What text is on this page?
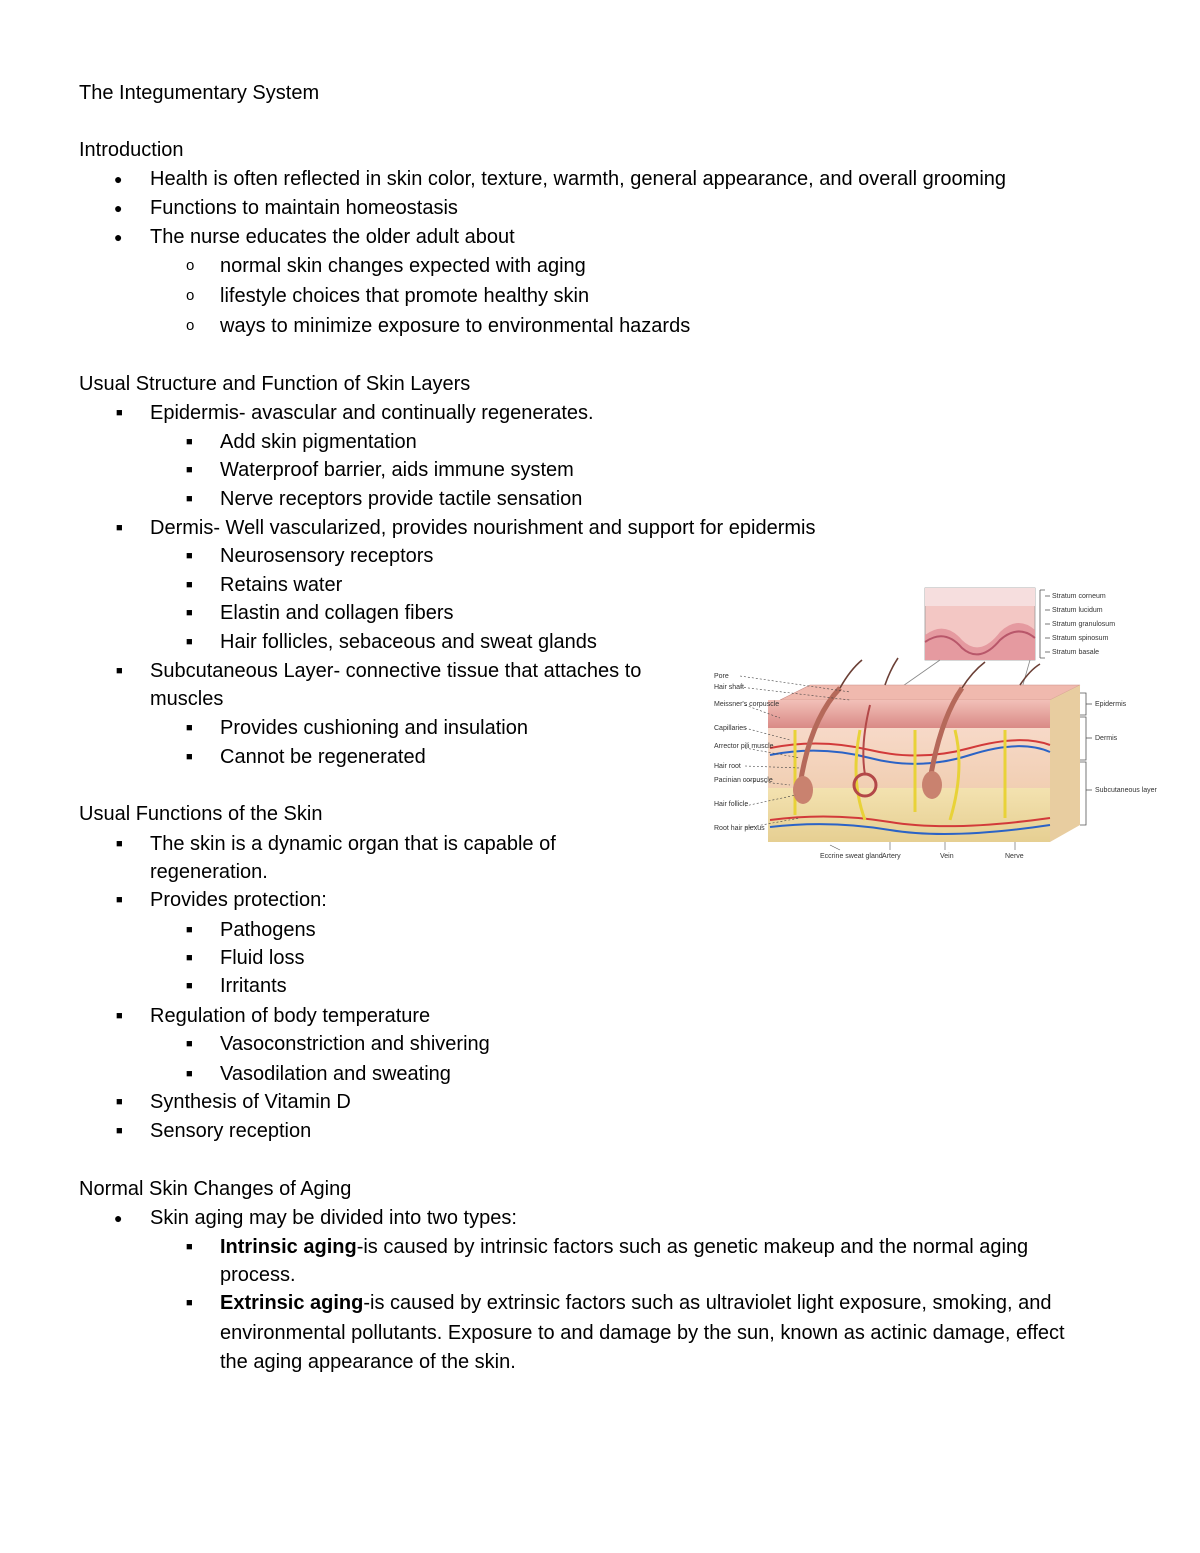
The Integumentary System
Introduction
● Health is often reflected in skin color, texture, warmth, general appearance, and overall grooming
● Functions to maintain homeostasis
● The nurse educates the older adult about
o normal skin changes expected with aging
o lifestyle choices that promote healthy skin
o ways to minimize exposure to environmental hazards
Usual Structure and Function of Skin Layers
■ Epidermis- avascular and continually regenerates.
■ Add skin pigmentation
■ Waterproof barrier, aids immune system
■ Nerve receptors provide tactile sensation
■ Dermis- Well vascularized, provides nourishment and support for epidermis
■ Neurosensory receptors
■ Retains water
■ Elastin and collagen fibers
■ Hair follicles, sebaceous and sweat glands
■ Subcutaneous Layer- connective tissue that attaches to
muscles
■ Provides cushioning and insulation
■ Cannot be regenerated
Usual Functions of the Skin
■ The skin is a dynamic organ that is capable of
regeneration.
■ Provides protection:
■ Pathogens
■ Fluid loss
■ Irritants
■ Regulation of body temperature
■ Vasoconstriction and shivering
■ Vasodilation and sweating
■ Synthesis of Vitamin D
■ Sensory reception
Normal Skin Changes of Aging
● Skin aging may be divided into two types:
■ Intrinsic aging-is caused by intrinsic factors such as genetic makeup and the normal aging
process.
■ Extrinsic aging-is caused by extrinsic factors such as ultraviolet light exposure, smoking, and
environmental pollutants. Exposure to and damage by the sun, known as actinic damage, effect
the aging appearance of the skin.
Stratum corneum
Stratum lucidum
Stratum granulosum
Stratum spinosum
Stratum basale
Pore
Hair shaft
Meissner's corpuscle
Capillaries
Arrector pili muscle
Hair root
Pacinian corpuscle
Hair follicle
Root hair plexus
Epidermis
Dermis
Subcutaneous layer
Eccrine sweat gland Artery	Vein	Nerve
